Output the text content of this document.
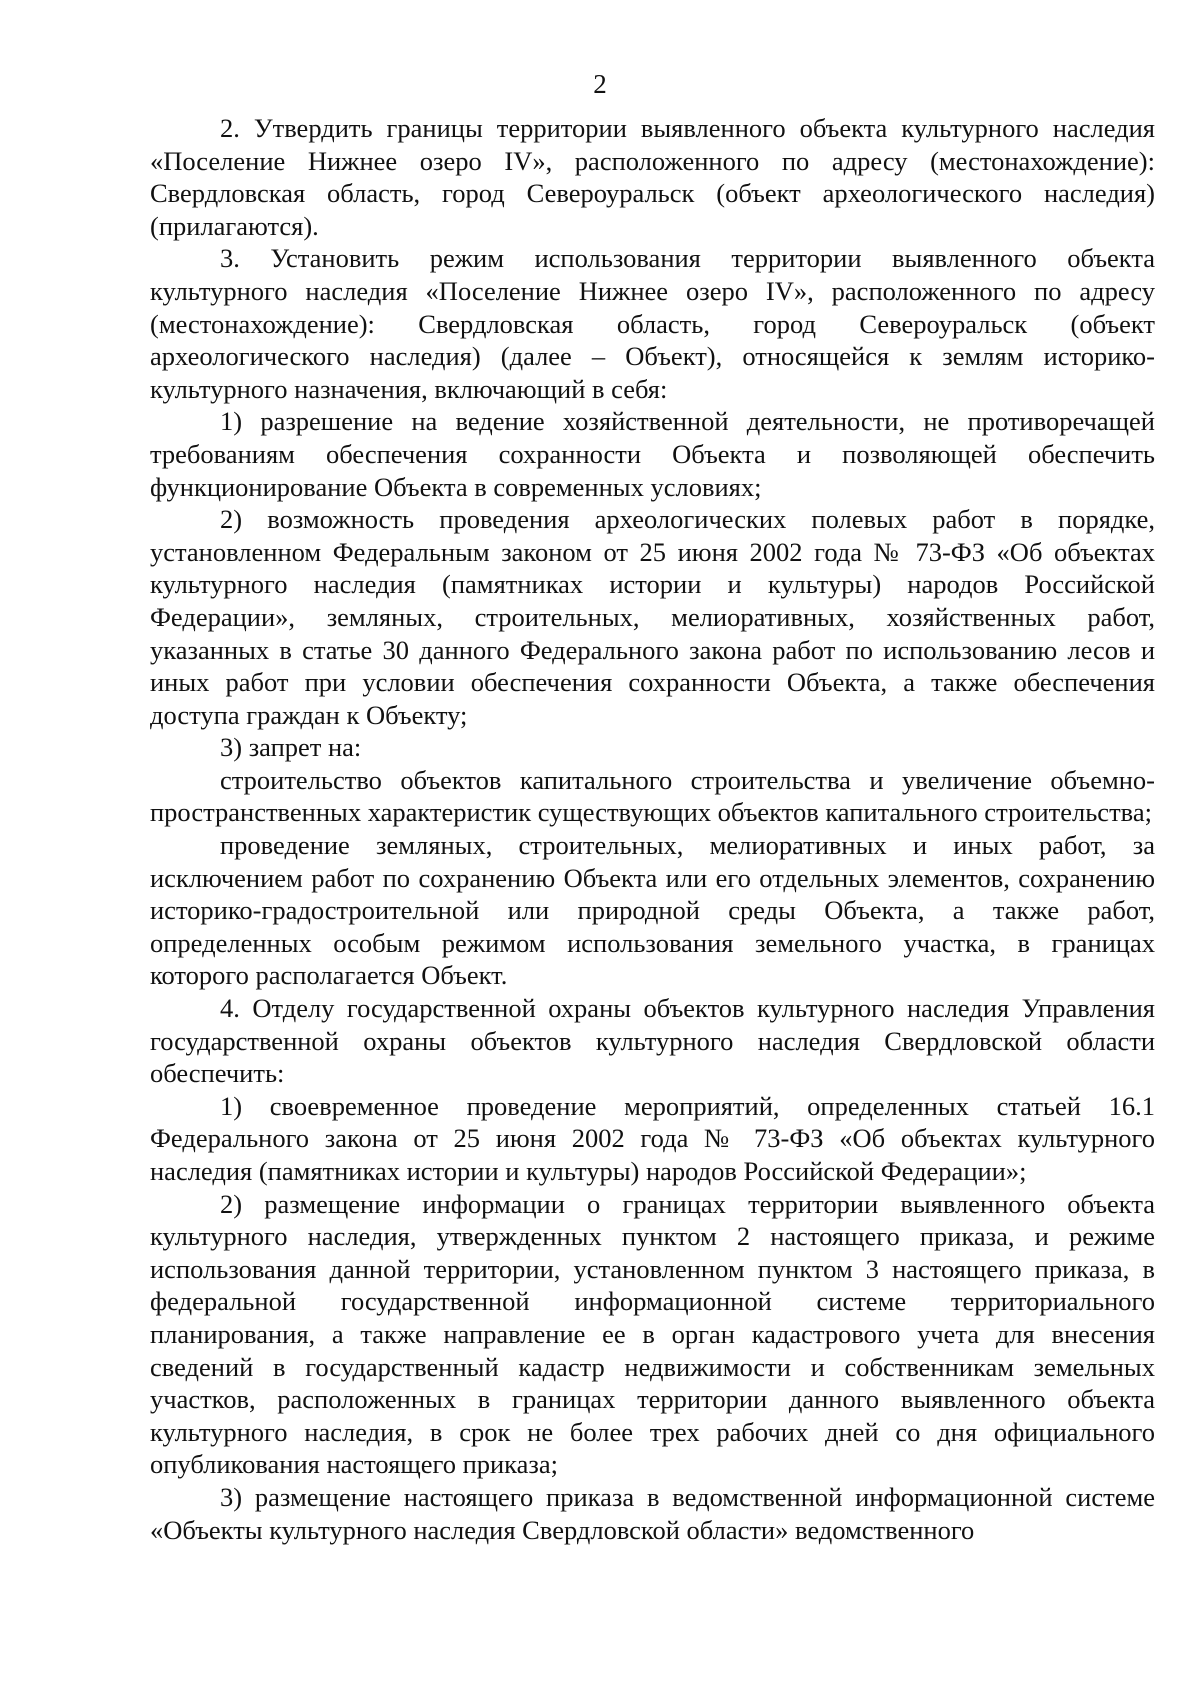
2

2. Утвердить границы территории выявленного объекта культурного наследия «Поселение Нижнее озеро IV», расположенного по адресу (местонахождение): Свердловская область, город Североуральск (объект археологического наследия) (прилагаются).

3. Установить режим использования территории выявленного объекта культурного наследия «Поселение Нижнее озеро IV», расположенного по адресу (местонахождение): Свердловская область, город Североуральск (объект археологического наследия) (далее – Объект), относящейся к землям историко-культурного назначения, включающий в себя:

1) разрешение на ведение хозяйственной деятельности, не противоречащей требованиям обеспечения сохранности Объекта и позволяющей обеспечить функционирование Объекта в современных условиях;

2) возможность проведения археологических полевых работ в порядке, установленном Федеральным законом от 25 июня 2002 года № 73-ФЗ «Об объектах культурного наследия (памятниках истории и культуры) народов Российской Федерации», земляных, строительных, мелиоративных, хозяйственных работ, указанных в статье 30 данного Федерального закона работ по использованию лесов и иных работ при условии обеспечения сохранности Объекта, а также обеспечения доступа граждан к Объекту;

3) запрет на:

строительство объектов капитального строительства и увеличение объемно-пространственных характеристик существующих объектов капитального строительства;

проведение земляных, строительных, мелиоративных и иных работ, за исключением работ по сохранению Объекта или его отдельных элементов, сохранению историко-градостроительной или природной среды Объекта, а также работ, определенных особым режимом использования земельного участка, в границах которого располагается Объект.

4. Отделу государственной охраны объектов культурного наследия Управления государственной охраны объектов культурного наследия Свердловской области обеспечить:

1) своевременное проведение мероприятий, определенных статьей 16.1 Федерального закона от 25 июня 2002 года № 73-ФЗ «Об объектах культурного наследия (памятниках истории и культуры) народов Российской Федерации»;

2) размещение информации о границах территории выявленного объекта культурного наследия, утвержденных пунктом 2 настоящего приказа, и режиме использования данной территории, установленном пунктом 3 настоящего приказа, в федеральной государственной информационной системе территориального планирования, а также направление ее в орган кадастрового учета для внесения сведений в государственный кадастр недвижимости и собственникам земельных участков, расположенных в границах территории данного выявленного объекта культурного наследия, в срок не более трех рабочих дней со дня официального опубликования настоящего приказа;

3) размещение настоящего приказа в ведомственной информационной системе «Объекты культурного наследия Свердловской области» ведомственного
